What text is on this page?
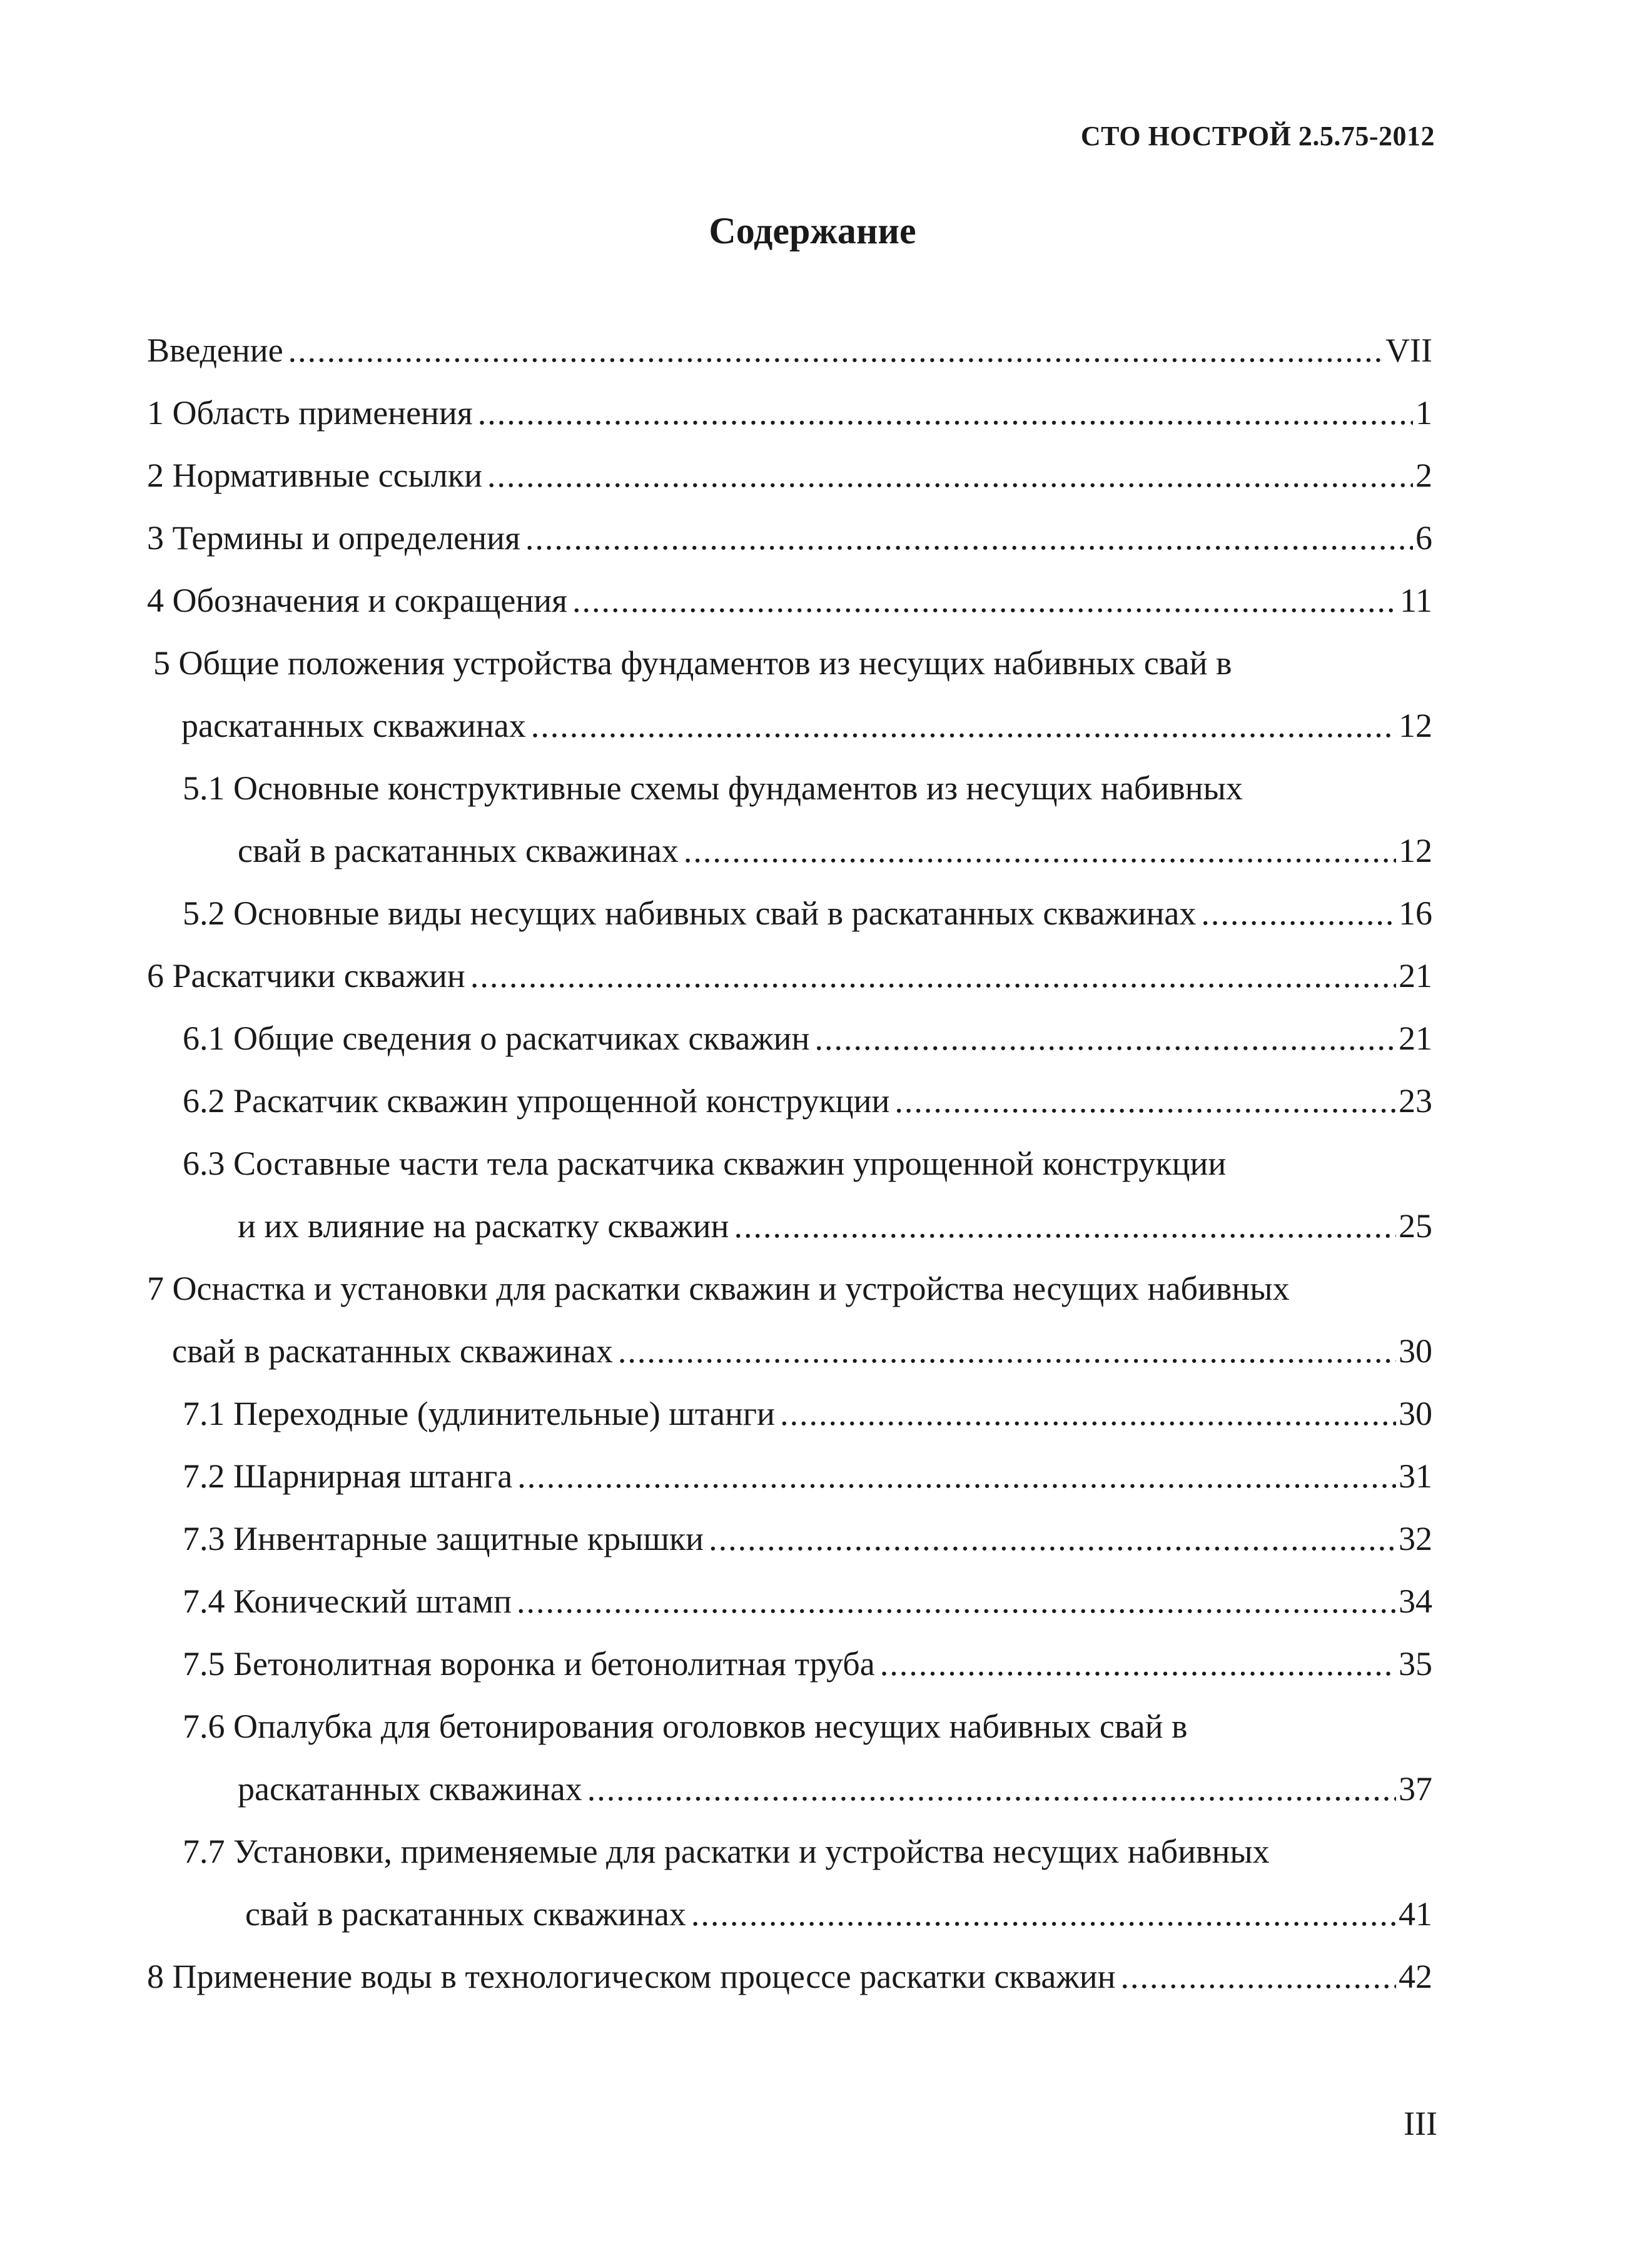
СТО НОСТРОЙ 2.5.75-2012
Содержание
Введение .....	VII
1 Область применения .....	1
2 Нормативные ссылки .....	2
3 Термины и определения .....	6
4 Обозначения и сокращения .....	11
5 Общие положения устройства фундаментов из несущих набивных свай в
раскатанных скважинах .....	12
5.1 Основные конструктивные схемы фундаментов из несущих набивных
свай в раскатанных скважинах .....	12
5.2 Основные виды несущих набивных свай в раскатанных скважинах .....	16
6 Раскатчики скважин .....	21
6.1 Общие сведения о раскатчиках скважин .....	21
6.2 Раскатчик скважин упрощенной конструкции .....	23
6.3 Составные части тела раскатчика скважин упрощенной конструкции
и их влияние на раскатку скважин .....	25
7 Оснастка и установки для раскатки скважин и устройства несущих набивных
свай в раскатанных скважинах .....	30
7.1 Переходные (удлинительные) штанги .....	30
7.2 Шарнирная штанга .....	31
7.3 Инвентарные защитные крышки .....	32
7.4 Конический штамп .....	34
7.5 Бетонолитная воронка и бетонолитная труба .....	35
7.6 Опалубка для бетонирования оголовков несущих набивных свай в
раскатанных скважинах .....	37
7.7 Установки, применяемые для раскатки и устройства несущих набивных
свай в раскатанных скважинах .....	41
8 Применение воды в технологическом процессе раскатки скважин .....	42
III
